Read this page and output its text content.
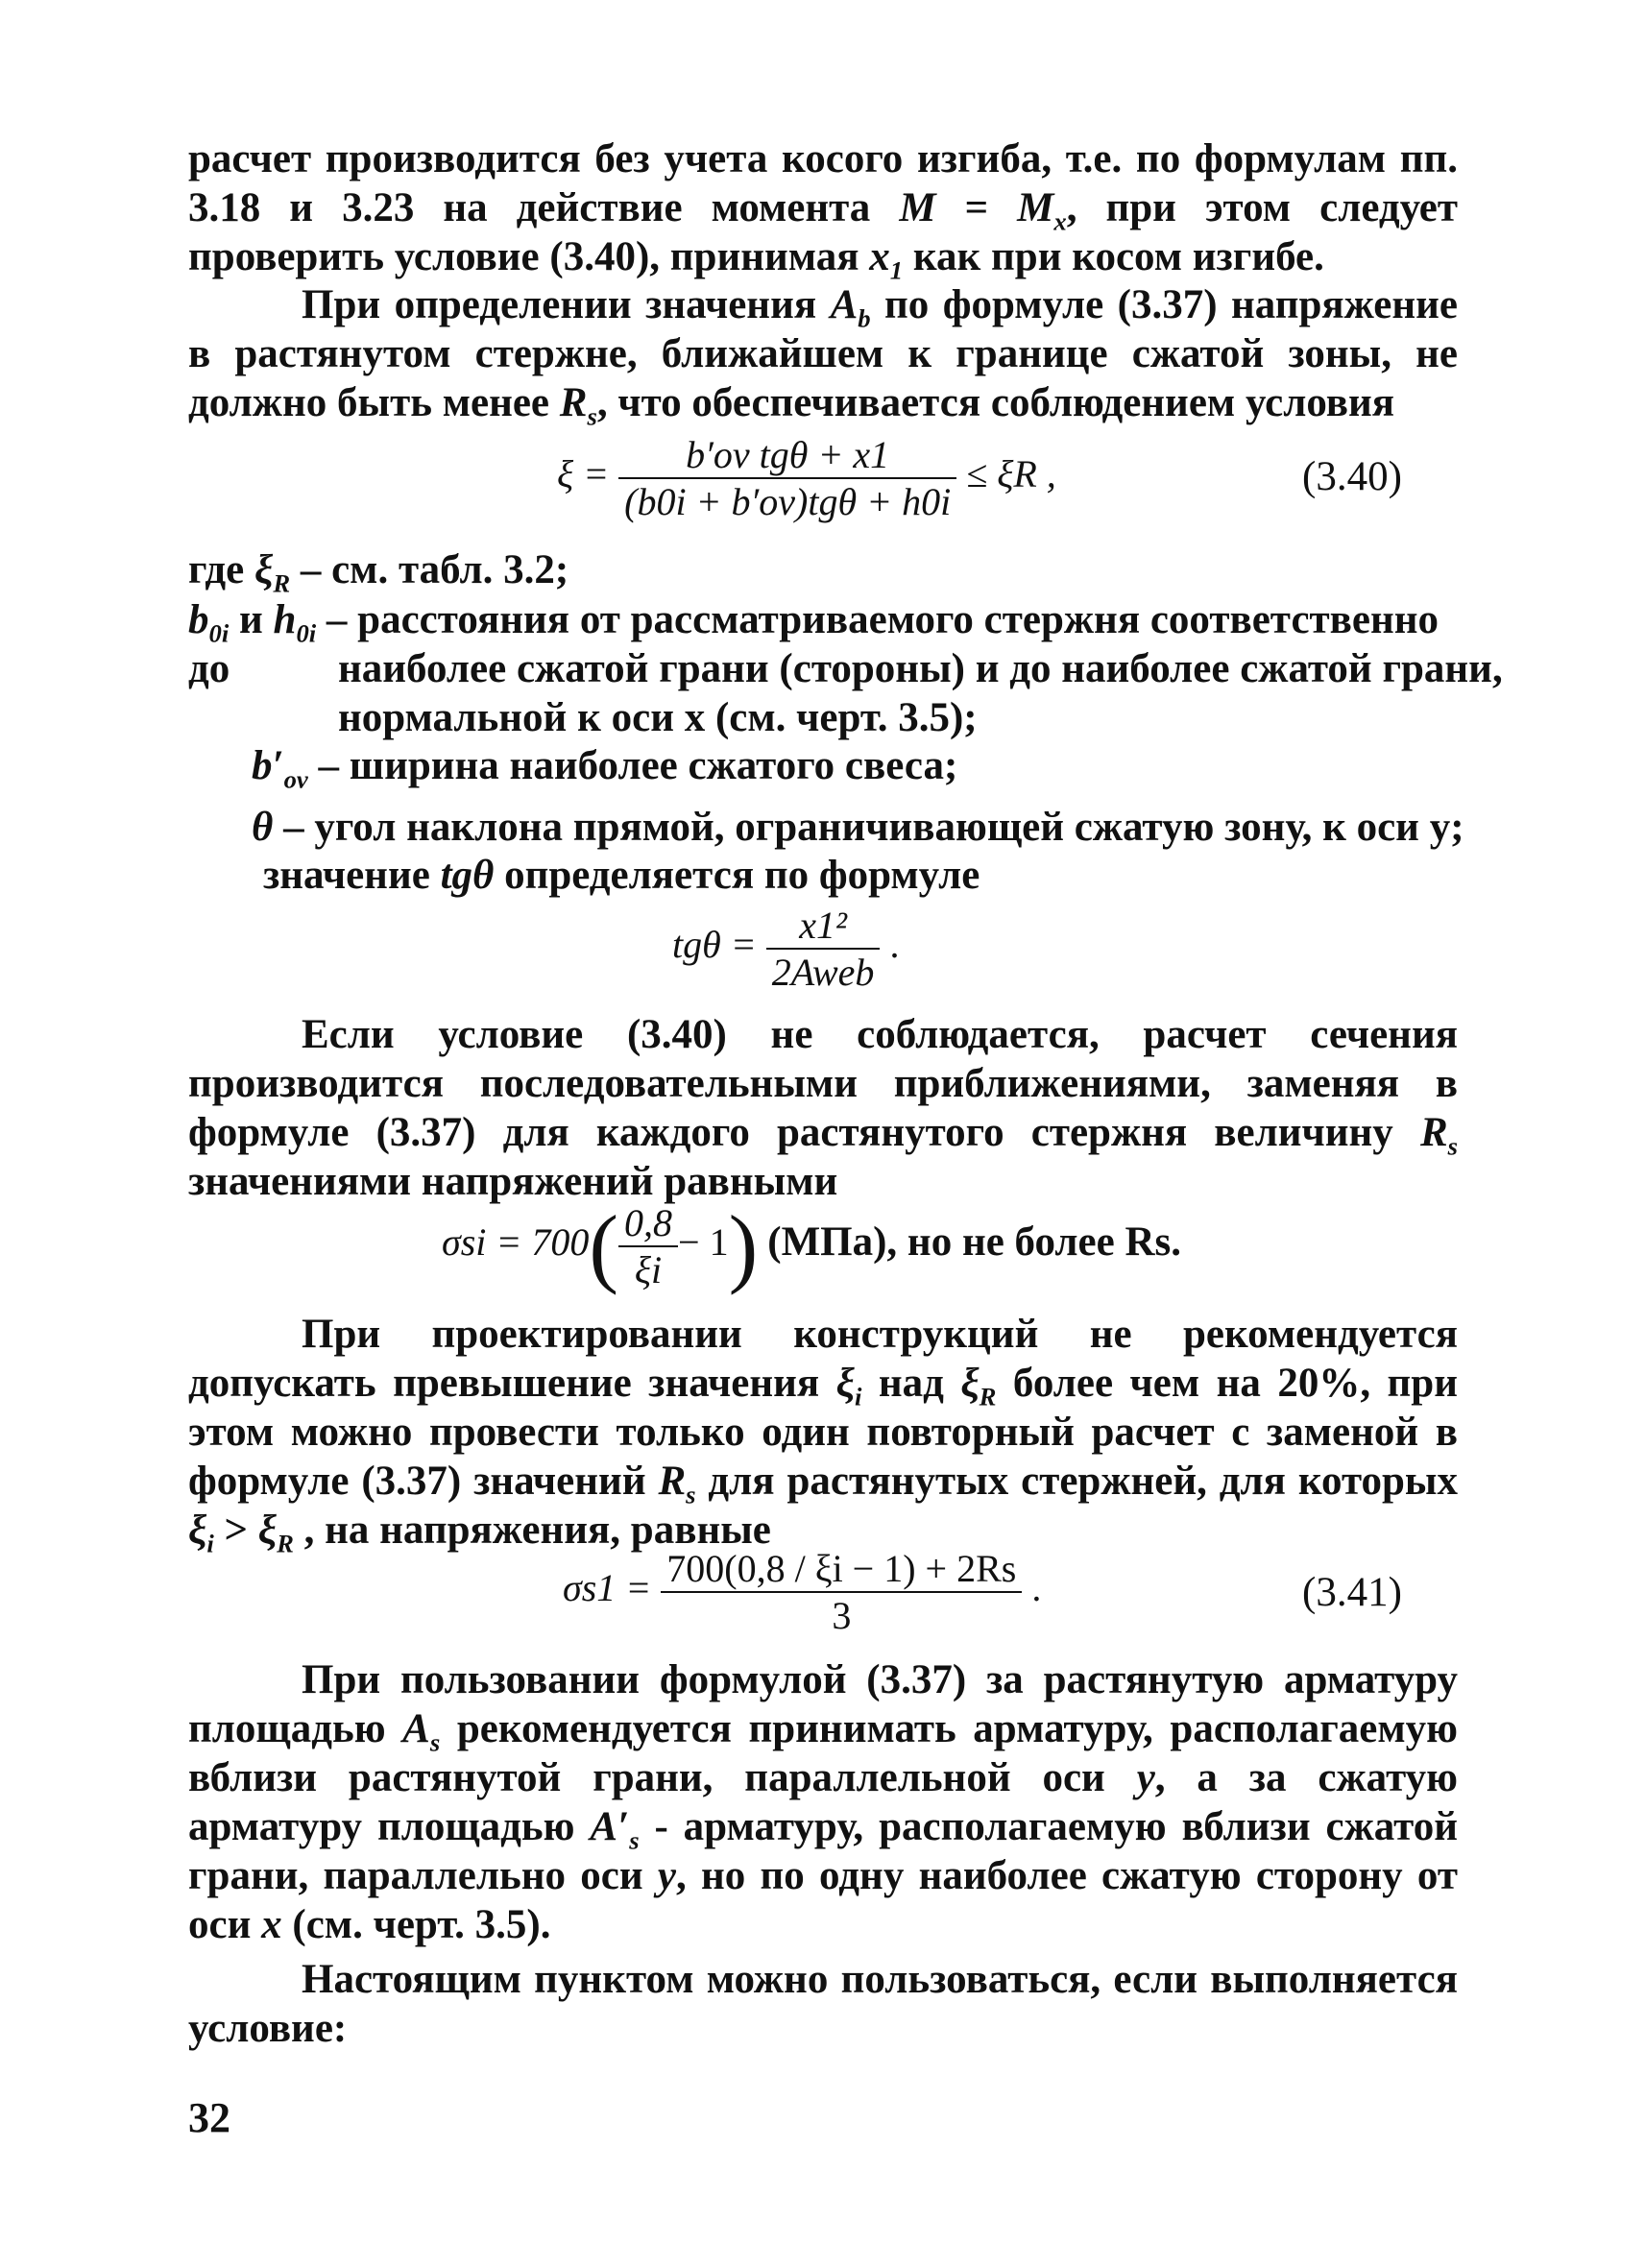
расчет производится без учета косого изгиба, т.е. по формулам пп. 3.18 и 3.23 на действие момента $M = M_x$, при этом следует проверить условие (3.40), принимая $x_1$ как при косом изгибе.
При определении значения $A_b$ по формуле (3.37) напряжение в растянутом стержне, ближайшем к границе сжатой зоны, не должно быть менее $R_s$, что обеспечивается соблюдением условия
$\xi = \frac{\text{b′ov tgθ + x1}}{\text{(b0i + b′ov)tgθ + h0i}} \le \xi R$ ,	(3.40)
где $\xi_R$ – см. табл. 3.2;
$b_{0i}$ и $h_{0i}$ – расстояния от рассматриваемого стержня соответственно до	наиболее сжатой грани (стороны) и до наиболее сжатой грани,
нормальной к оси x (см. черт. 3.5);
$b'_{ov}$ – ширина наиболее сжатого свеса;
θ – угол наклона прямой, ограничивающей сжатую зону, к оси y;
значение tgθ определяется по формуле
$tg\theta = \frac{\text{x1²}}{\text{2Aweb}}$ .
Если условие (3.40) не соблюдается, расчет сечения производится последовательными приближениями, заменяя в формуле (3.37) для каждого растянутого стержня величину $R_s$ значениями напряжений равными
$\sigma si = 700( \frac{0,8}{\xi i} - 1)$ (МПа), но не более Rs.
При проектировании конструкций не рекомендуется допускать превышение значения $\xi_i$ над $\xi_R$ более чем на 20%, при этом можно провести только один повторный расчет с заменой в формуле (3.37) значений $R_s$ для растянутых стержней, для которых $\xi_i > \xi_R$ , на напряжения, равные
$\sigma s1 = \frac{700(0,8 / \xi i - 1) + 2Rs}{3}$ .	(3.41)
При пользовании формулой (3.37) за растянутую арматуру площадью $A_s$ рекомендуется принимать арматуру, располагаемую вблизи растянутой грани, параллельной оси y, а за сжатую арматуру площадью $A'_s$ - арматуру, располагаемую вблизи сжатой грани, параллельно оси y, но по одну наиболее сжатую сторону от оси x (см. черт. 3.5).
Настоящим пунктом можно пользоваться, если выполняется условие:
32
